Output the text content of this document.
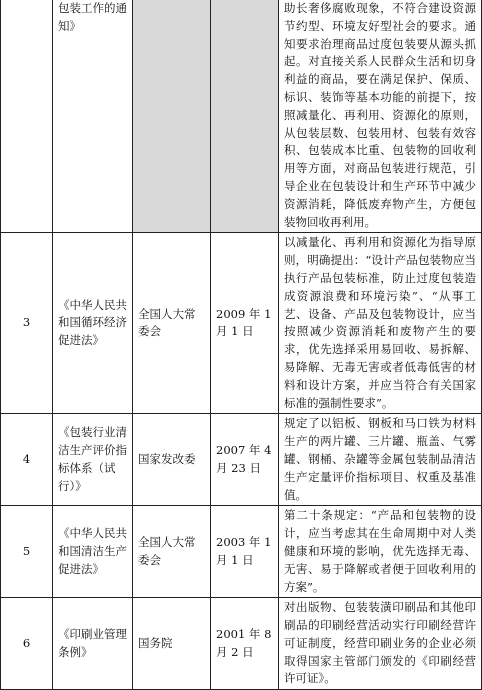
	包装工作的通知》			助长奢侈腐败现象，不符合建设资源节约型、环境友好型社会的要求。通知要求治理商品过度包装要从源头抓起。对直接关系人民群众生活和切身利益的商品，要在满足保护、保质、标识、装饰等基本功能的前提下，按照减量化、再利用、资源化的原则，从包装层数、包装用材、包装有效容积、包装成本比重、包装物的回收利用等方面，对商品包装进行规范，引导企业在包装设计和生产环节中减少资源消耗，降低废弃物产生，方便包装物回收再利用。
3	《中华人民共和国循环经济促进法》	全国人大常委会	2009 年 1 月 1 日	以减量化、再利用和资源化为指导原则，明确提出：“设计产品包装物应当执行产品包装标准，防止过度包装造成资源浪费和环境污染”、“从事工艺、设备、产品及包装物设计，应当按照减少资源消耗和废物产生的要求，优先选择采用易回收、易拆解、易降解、无毒无害或者低毒低害的材料和设计方案，并应当符合有关国家标准的强制性要求”。
4	《包装行业清洁生产评价指标体系（试行）》	国家发改委	2007 年 4 月 23 日	规定了以铝板、钢板和马口铁为材料生产的两片罐、三片罐、瓶盖、气雾罐、钢桶、杂罐等金属包装制品清洁生产定量评价指标项目、权重及基准值。
5	《中华人民共和国清洁生产促进法》	全国人大常委会	2003 年 1 月 1 日	第二十条规定：“产品和包装物的设计，应当考虑其在生命周期中对人类健康和环境的影响，优先选择无毒、无害、易于降解或者便于回收利用的方案”。
6	《印刷业管理条例》	国务院	2001 年 8 月 2 日	对出版物、包装装潢印刷品和其他印刷品的印刷经营活动实行印刷经营许可证制度，经营印刷业务的企业必须取得国家主管部门颁发的《印刷经营许可证》。
